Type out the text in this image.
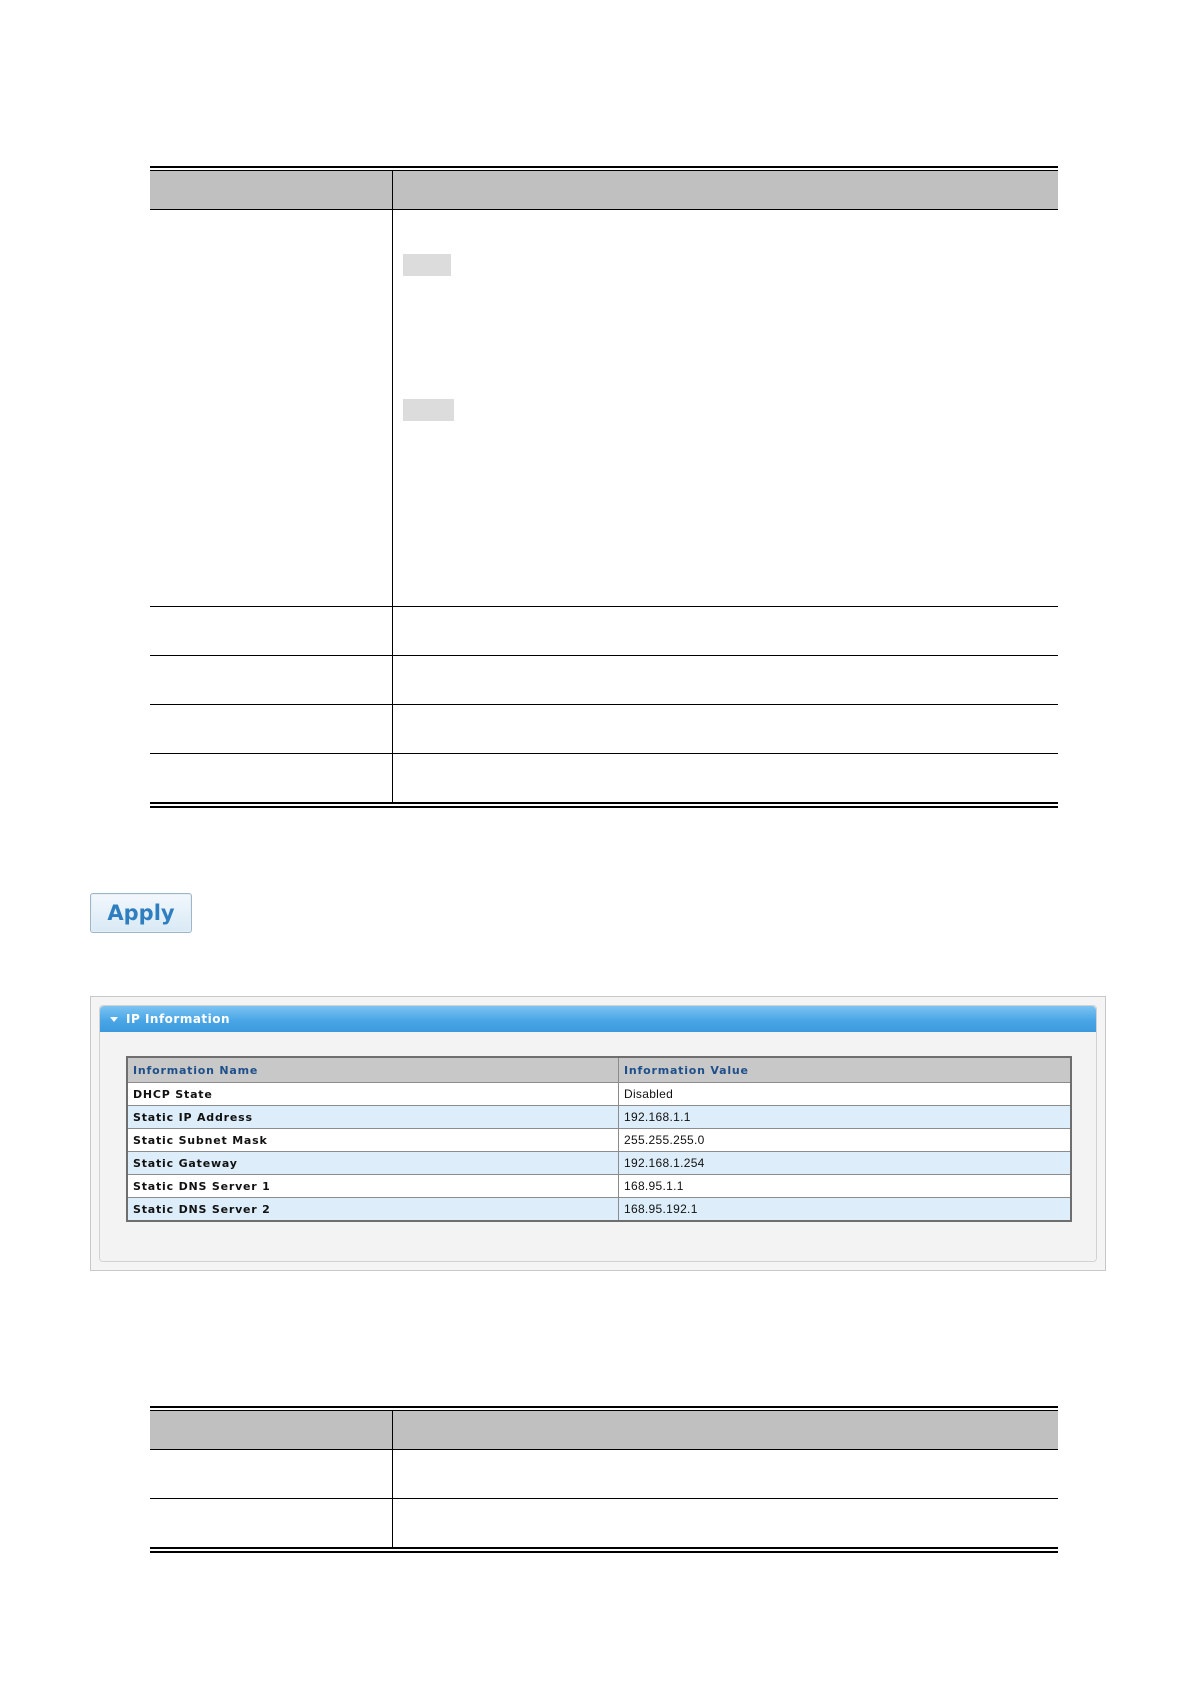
Apply
IP Information
Information Name	Information Value
DHCP State	Disabled
Static IP Address	192.168.1.1
Static Subnet Mask	255.255.255.0
Static Gateway	192.168.1.254
Static DNS Server 1	168.95.1.1
Static DNS Server 2	168.95.192.1
